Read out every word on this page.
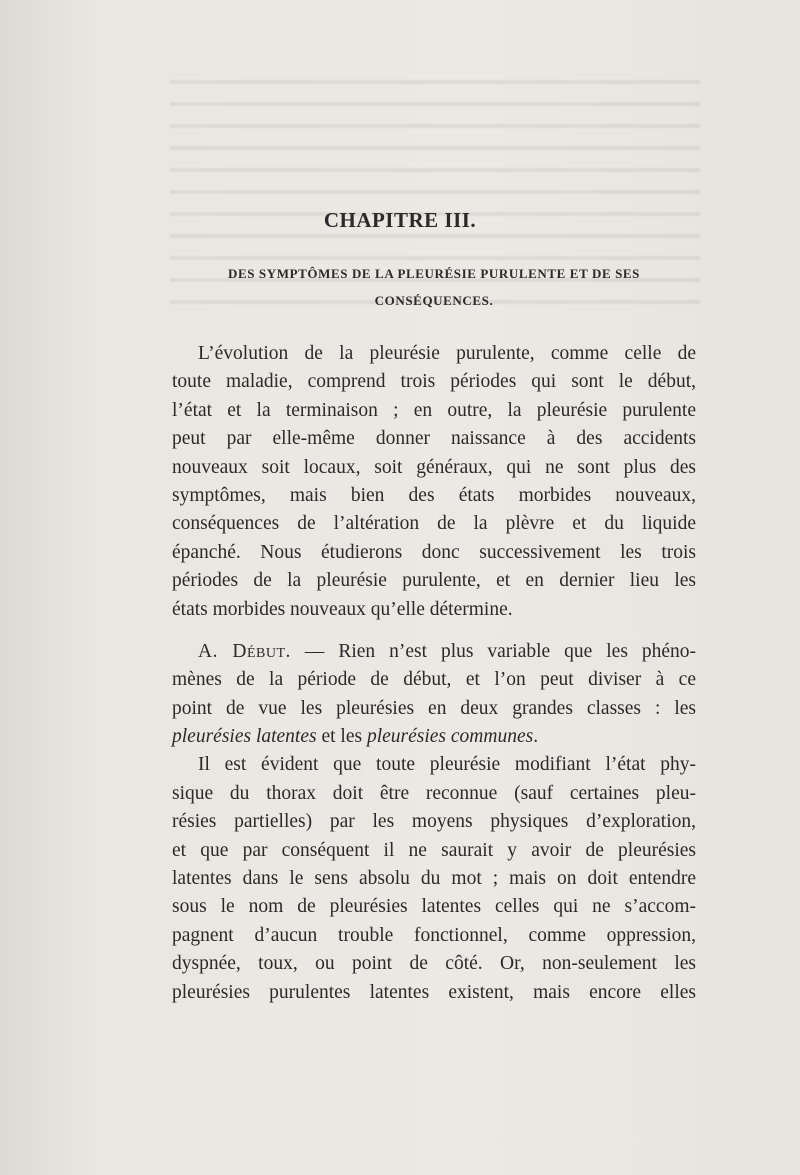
CHAPITRE III.
DES SYMPTÔMES DE LA PLEURÉSIE PURULENTE ET DE SES
CONSÉQUENCES.
L’évolution de la pleurésie purulente, comme celle de
toute maladie, comprend trois périodes qui sont le début,
l’état et la terminaison ; en outre, la pleurésie purulente
peut par elle-même donner naissance à des accidents
nouveaux soit locaux, soit généraux, qui ne sont plus des
symptômes, mais bien des états morbides nouveaux,
conséquences de l’altération de la plèvre et du liquide
épanché. Nous étudierons donc successivement les trois
périodes de la pleurésie purulente, et en dernier lieu les
états morbides nouveaux qu’elle détermine.
A. Début. — Rien n’est plus variable que les phéno-
mènes de la période de début, et l’on peut diviser à ce
point de vue les pleurésies en deux grandes classes : les
pleurésies latentes et les pleurésies communes.
Il est évident que toute pleurésie modifiant l’état phy-
sique du thorax doit être reconnue (sauf certaines pleu-
résies partielles) par les moyens physiques d’exploration,
et que par conséquent il ne saurait y avoir de pleurésies
latentes dans le sens absolu du mot ; mais on doit entendre
sous le nom de pleurésies latentes celles qui ne s’accom-
pagnent d’aucun trouble fonctionnel, comme oppression,
dyspnée, toux, ou point de côté. Or, non-seulement les
pleurésies purulentes latentes existent, mais encore elles
